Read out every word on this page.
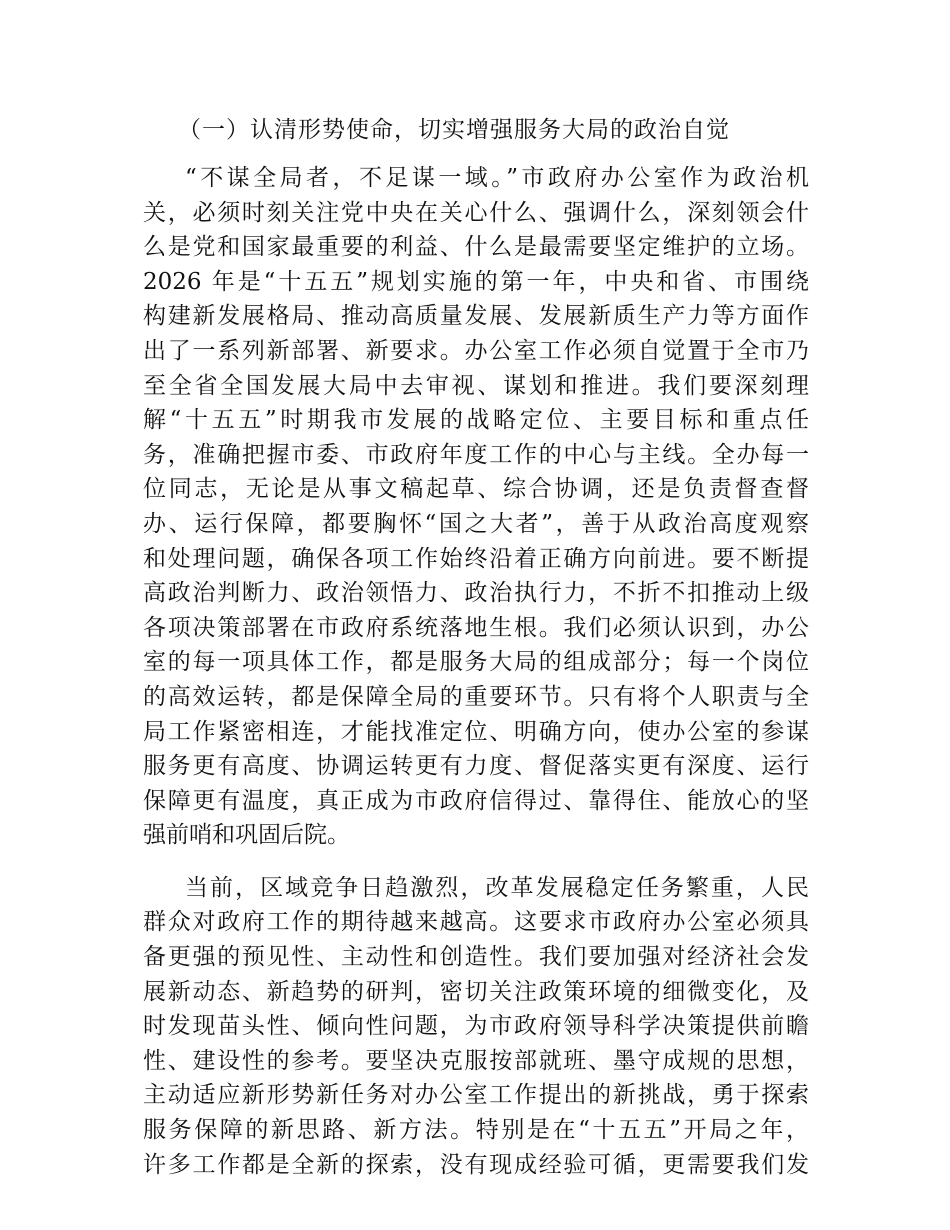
（一）认清形势使命，切实增强服务大局的政治自觉
“不谋全局者，不足谋一域。”市政府办公室作为政治机
关，必须时刻关注党中央在关心什么、强调什么，深刻领会什
么是党和国家最重要的利益、什么是最需要坚定维护的立场。
2026 年是“十五五”规划实施的第一年，中央和省、市围绕
构建新发展格局、推动高质量发展、发展新质生产力等方面作
出了一系列新部署、新要求。办公室工作必须自觉置于全市乃
至全省全国发展大局中去审视、谋划和推进。我们要深刻理
解“十五五”时期我市发展的战略定位、主要目标和重点任
务，准确把握市委、市政府年度工作的中心与主线。全办每一
位同志，无论是从事文稿起草、综合协调，还是负责督查督
办、运行保障，都要胸怀“国之大者”，善于从政治高度观察
和处理问题，确保各项工作始终沿着正确方向前进。要不断提
高政治判断力、政治领悟力、政治执行力，不折不扣推动上级
各项决策部署在市政府系统落地生根。我们必须认识到，办公
室的每一项具体工作，都是服务大局的组成部分；每一个岗位
的高效运转，都是保障全局的重要环节。只有将个人职责与全
局工作紧密相连，才能找准定位、明确方向，使办公室的参谋
服务更有高度、协调运转更有力度、督促落实更有深度、运行
保障更有温度，真正成为市政府信得过、靠得住、能放心的坚
强前哨和巩固后院。
当前，区域竞争日趋激烈，改革发展稳定任务繁重，人民
群众对政府工作的期待越来越高。这要求市政府办公室必须具
备更强的预见性、主动性和创造性。我们要加强对经济社会发
展新动态、新趋势的研判，密切关注政策环境的细微变化，及
时发现苗头性、倾向性问题，为市政府领导科学决策提供前瞻
性、建设性的参考。要坚决克服按部就班、墨守成规的思想，
主动适应新形势新任务对办公室工作提出的新挑战，勇于探索
服务保障的新思路、新方法。特别是在“十五五”开局之年，
许多工作都是全新的探索，没有现成经验可循，更需要我们发
